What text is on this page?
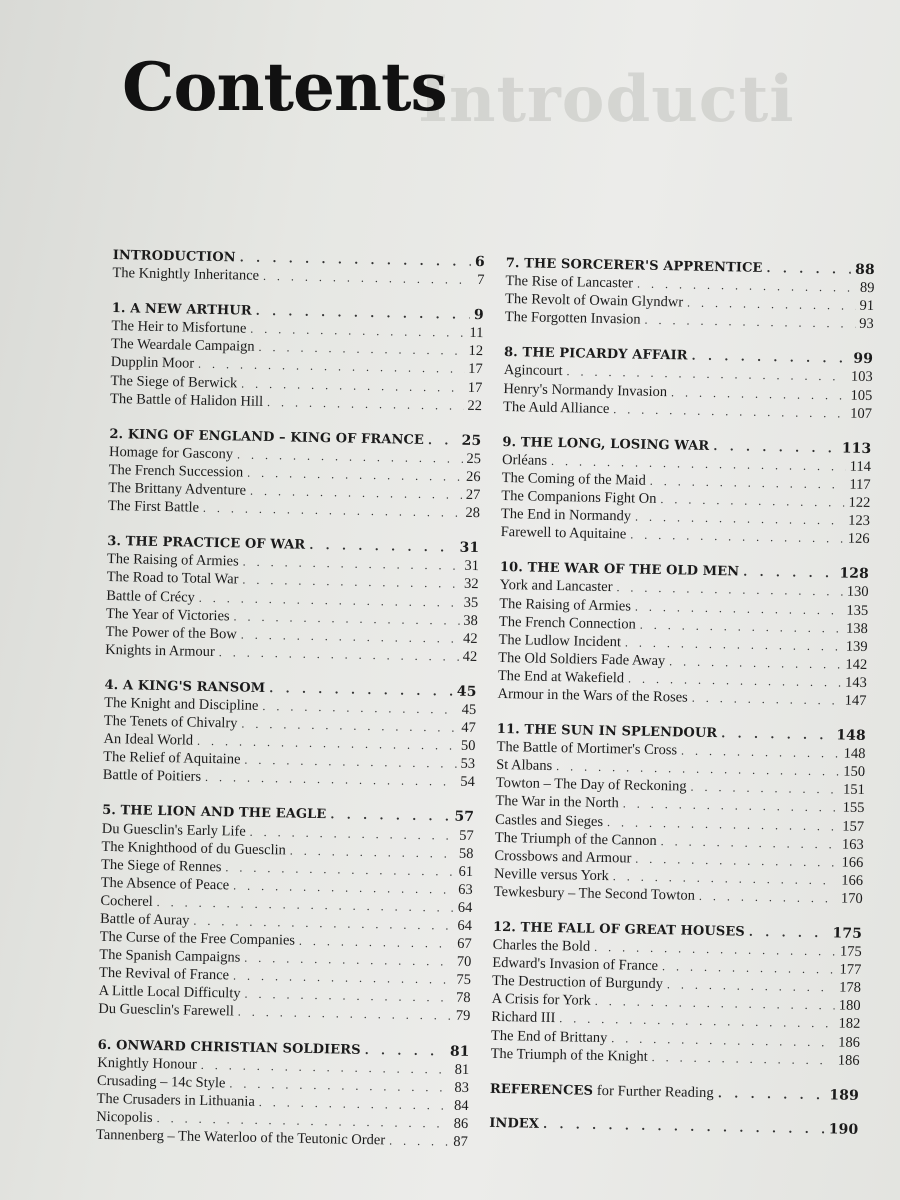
Introducti
Contents
INTRODUCTION . . .	6
The Knightly Inheritance . . .	7
1. A NEW ARTHUR . . .	9
The Heir to Misfortune . . .	11
The Weardale Campaign . . .	12
Dupplin Moor . . .	17
The Siege of Berwick . . .	17
The Battle of Halidon Hill . . .	22
2. KING OF ENGLAND – KING OF FRANCE . . .	25
Homage for Gascony . . .	25
The French Succession . . .	26
The Brittany Adventure . . .	27
The First Battle . . .	28
3. THE PRACTICE OF WAR . . .	31
The Raising of Armies . . .	31
The Road to Total War . . .	32
Battle of Crécy . . .	35
The Year of Victories . . .	38
The Power of the Bow . . .	42
Knights in Armour . . .	42
4. A KING'S RANSOM . . .	45
The Knight and Discipline . . .	45
The Tenets of Chivalry . . .	47
An Ideal World . . .	50
The Relief of Aquitaine . . .	53
Battle of Poitiers . . .	54
5. THE LION AND THE EAGLE . . .	57
Du Guesclin's Early Life . . .	57
The Knighthood of du Guesclin . . .	58
The Siege of Rennes . . .	61
The Absence of Peace . . .	63
Cocherel . . .	64
Battle of Auray . . .	64
The Curse of the Free Companies . . .	67
The Spanish Campaigns . . .	70
The Revival of France . . .	75
A Little Local Difficulty . . .	78
Du Guesclin's Farewell . . .	79
6. ONWARD CHRISTIAN SOLDIERS . . .	81
Knightly Honour . . .	81
Crusading – 14c Style . . .	83
The Crusaders in Lithuania . . .	84
Nicopolis . . .	86
Tannenberg – The Waterloo of the Teutonic Order . . .	87
7. THE SORCERER'S APPRENTICE . . .	88
The Rise of Lancaster . . .	89
The Revolt of Owain Glyndwr . . .	91
The Forgotten Invasion . . .	93
8. THE PICARDY AFFAIR . . .	99
Agincourt . . .	103
Henry's Normandy Invasion . . .	105
The Auld Alliance . . .	107
9. THE LONG, LOSING WAR . . .	113
Orléans . . .	114
The Coming of the Maid . . .	117
The Companions Fight On . . .	122
The End in Normandy . . .	123
Farewell to Aquitaine . . .	126
10. THE WAR OF THE OLD MEN . . .	128
York and Lancaster . . .	130
The Raising of Armies . . .	135
The French Connection . . .	138
The Ludlow Incident . . .	139
The Old Soldiers Fade Away . . .	142
The End at Wakefield . . .	143
Armour in the Wars of the Roses . . .	147
11. THE SUN IN SPLENDOUR . . .	148
The Battle of Mortimer's Cross . . .	148
St Albans . . .	150
Towton – The Day of Reckoning . . .	151
The War in the North . . .	155
Castles and Sieges . . .	157
The Triumph of the Cannon . . .	163
Crossbows and Armour . . .	166
Neville versus York . . .	166
Tewkesbury – The Second Towton . . .	170
12. THE FALL OF GREAT HOUSES . . .	175
Charles the Bold . . .	175
Edward's Invasion of France . . .	177
The Destruction of Burgundy . . .	178
A Crisis for York . . .	180
Richard III . . .	182
The End of Brittany . . .	186
The Triumph of the Knight . . .	186
REFERENCES for Further Reading . . .	189
INDEX . . .	190
